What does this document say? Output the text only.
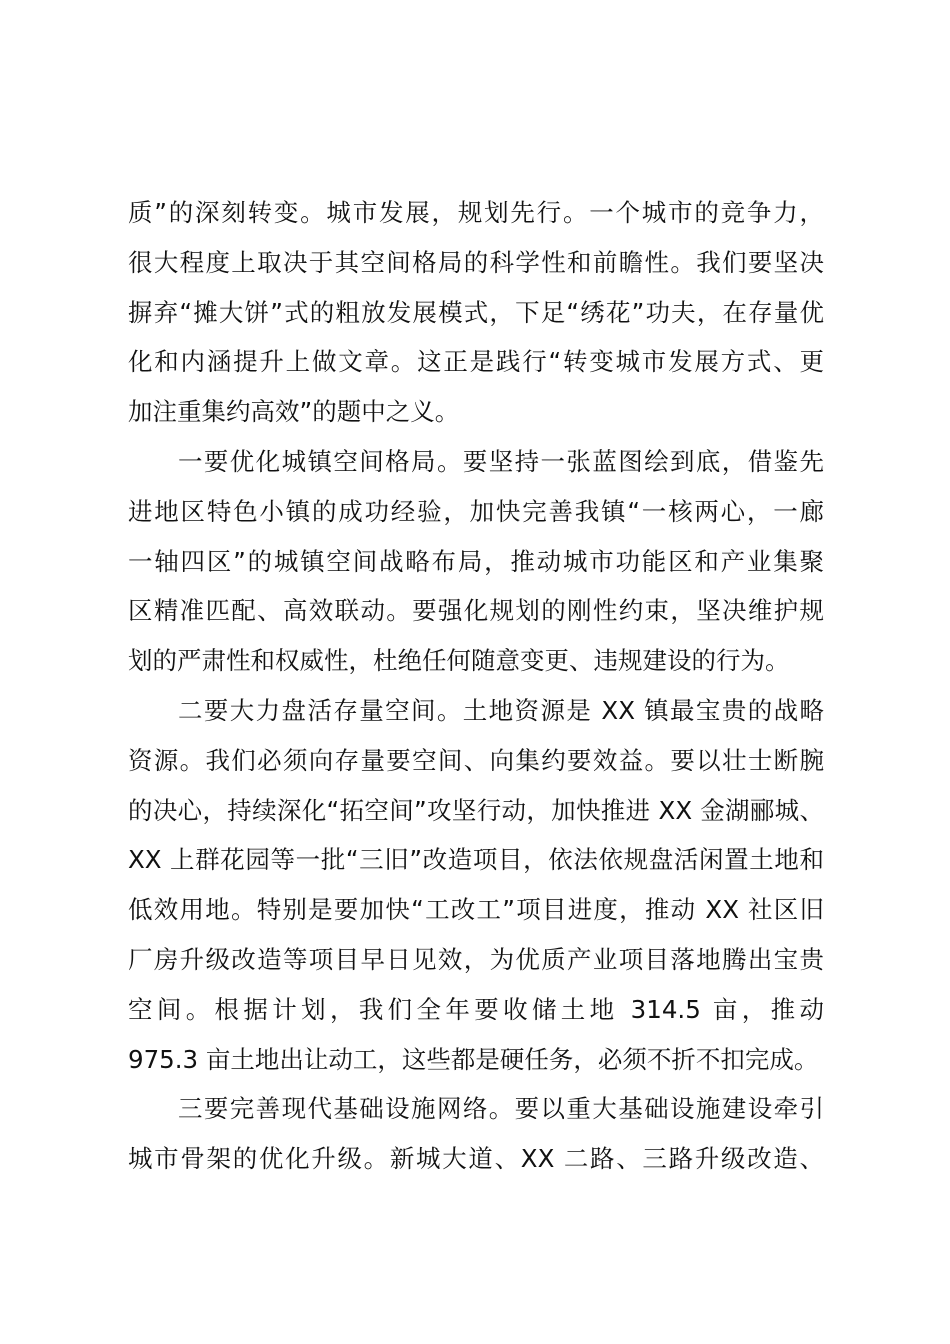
质”的深刻转变。城市发展，规划先行。一个城市的竞争力，
很大程度上取决于其空间格局的科学性和前瞻性。我们要坚决
摒弃“摊大饼”式的粗放发展模式，下足“绣花”功夫，在存量优
化和内涵提升上做文章。这正是践行“转变城市发展方式、更
加注重集约高效”的题中之义。
一要优化城镇空间格局。要坚持一张蓝图绘到底，借鉴先
进地区特色小镇的成功经验，加快完善我镇“一核两心，一廊
一轴四区”的城镇空间战略布局，推动城市功能区和产业集聚
区精准匹配、高效联动。要强化规划的刚性约束，坚决维护规
划的严肃性和权威性，杜绝任何随意变更、违规建设的行为。
二要大力盘活存量空间。土地资源是 XX 镇最宝贵的战略
资源。我们必须向存量要空间、向集约要效益。要以壮士断腕
的决心，持续深化“拓空间”攻坚行动，加快推进 XX 金湖郦城、
XX 上群花园等一批“三旧”改造项目，依法依规盘活闲置土地和
低效用地。特别是要加快“工改工”项目进度，推动 XX 社区旧
厂房升级改造等项目早日见效，为优质产业项目落地腾出宝贵
空间。根据计划，我们全年要收储土地 314.5 亩，推动
975.3 亩土地出让动工，这些都是硬任务，必须不折不扣完成。
三要完善现代基础设施网络。要以重大基础设施建设牵引
城市骨架的优化升级。新城大道、XX 二路、三路升级改造、
